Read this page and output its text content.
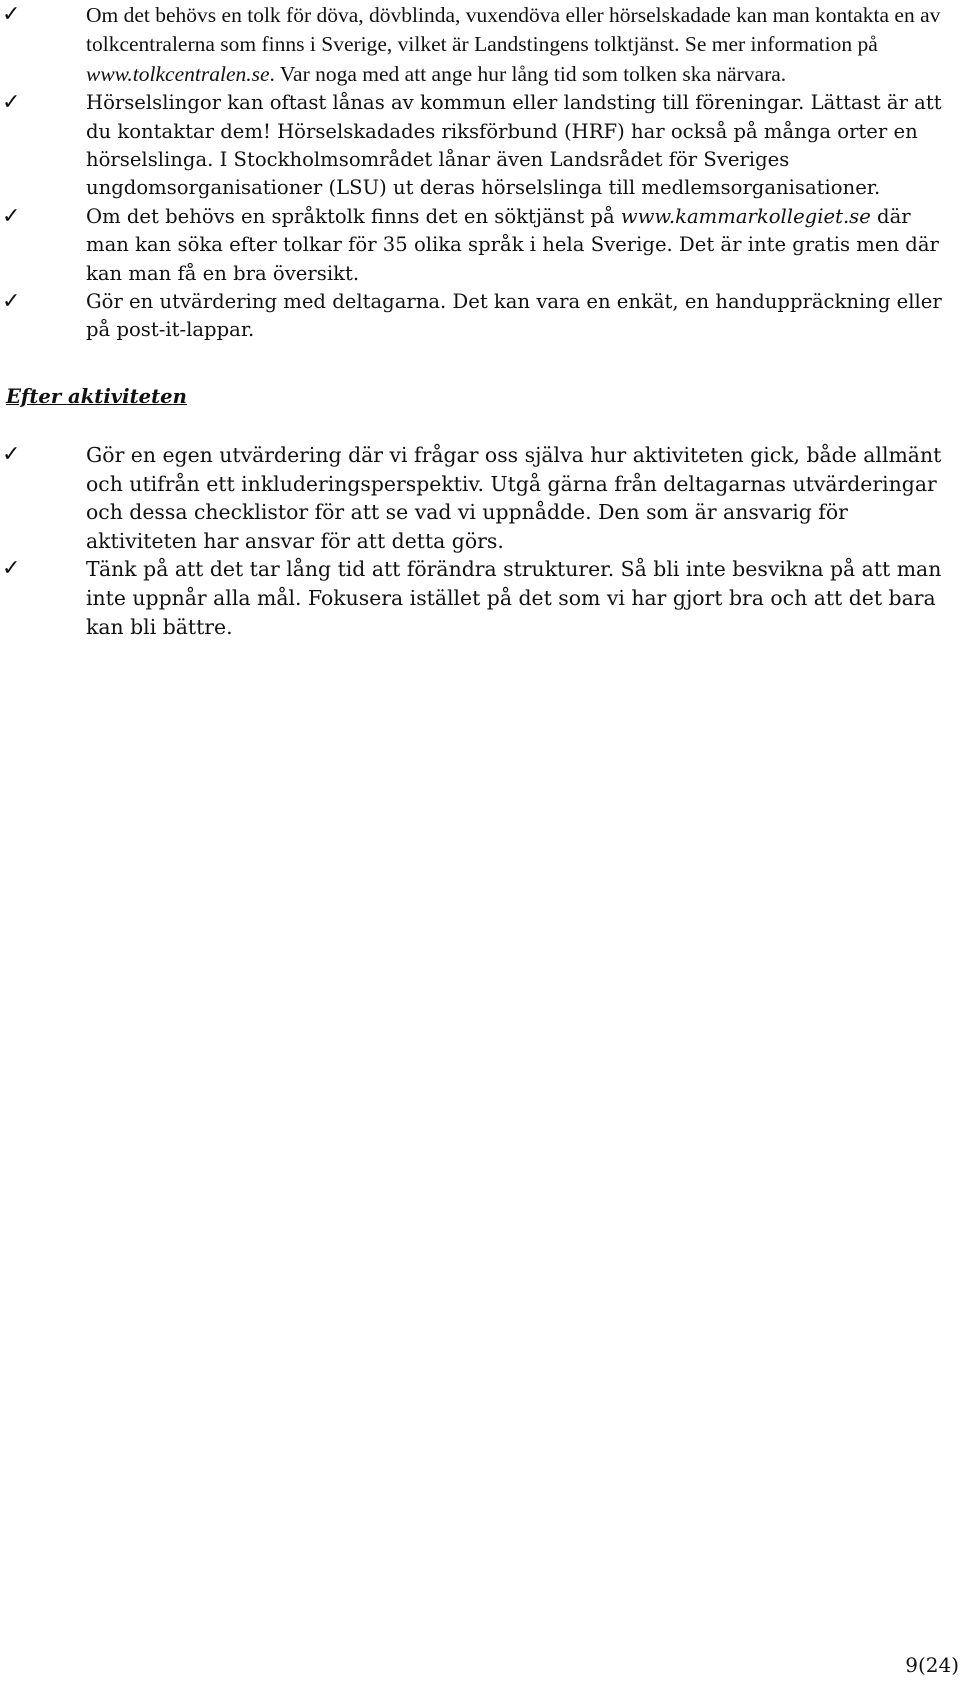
✓	Om det behövs en tolk för döva, dövblinda, vuxendöva eller hörselskadade kan man kontakta en av tolkcentralerna som finns i Sverige, vilket är Landstingens tolktjänst. Se mer information på www.tolkcentralen.se. Var noga med att ange hur lång tid som tolken ska närvara.
✓	Hörselslingor kan oftast lånas av kommun eller landsting till föreningar. Lättast är att du kontaktar dem! Hörselskadades riksförbund (HRF) har också på många orter en hörselslinga. I Stockholmsområdet lånar även Landsrådet för Sveriges ungdomsorganisationer (LSU) ut deras hörselslinga till medlemsorganisationer.
✓	Om det behövs en språktolk finns det en söktjänst på www.kammarkollegiet.se där man kan söka efter tolkar för 35 olika språk i hela Sverige. Det är inte gratis men där kan man få en bra översikt.
✓	Gör en utvärdering med deltagarna. Det kan vara en enkät, en handuppräckning eller på post-it-lappar.
Efter aktiviteten
✓	Gör en egen utvärdering där vi frågar oss själva hur aktiviteten gick, både allmänt och utifrån ett inkluderingsperspektiv. Utgå gärna från deltagarnas utvärderingar och dessa checklistor för att se vad vi uppnådde. Den som är ansvarig för aktiviteten har ansvar för att detta görs.
✓	Tänk på att det tar lång tid att förändra strukturer. Så bli inte besvikna på att man inte uppnår alla mål. Fokusera istället på det som vi har gjort bra och att det bara kan bli bättre.
9(24)
